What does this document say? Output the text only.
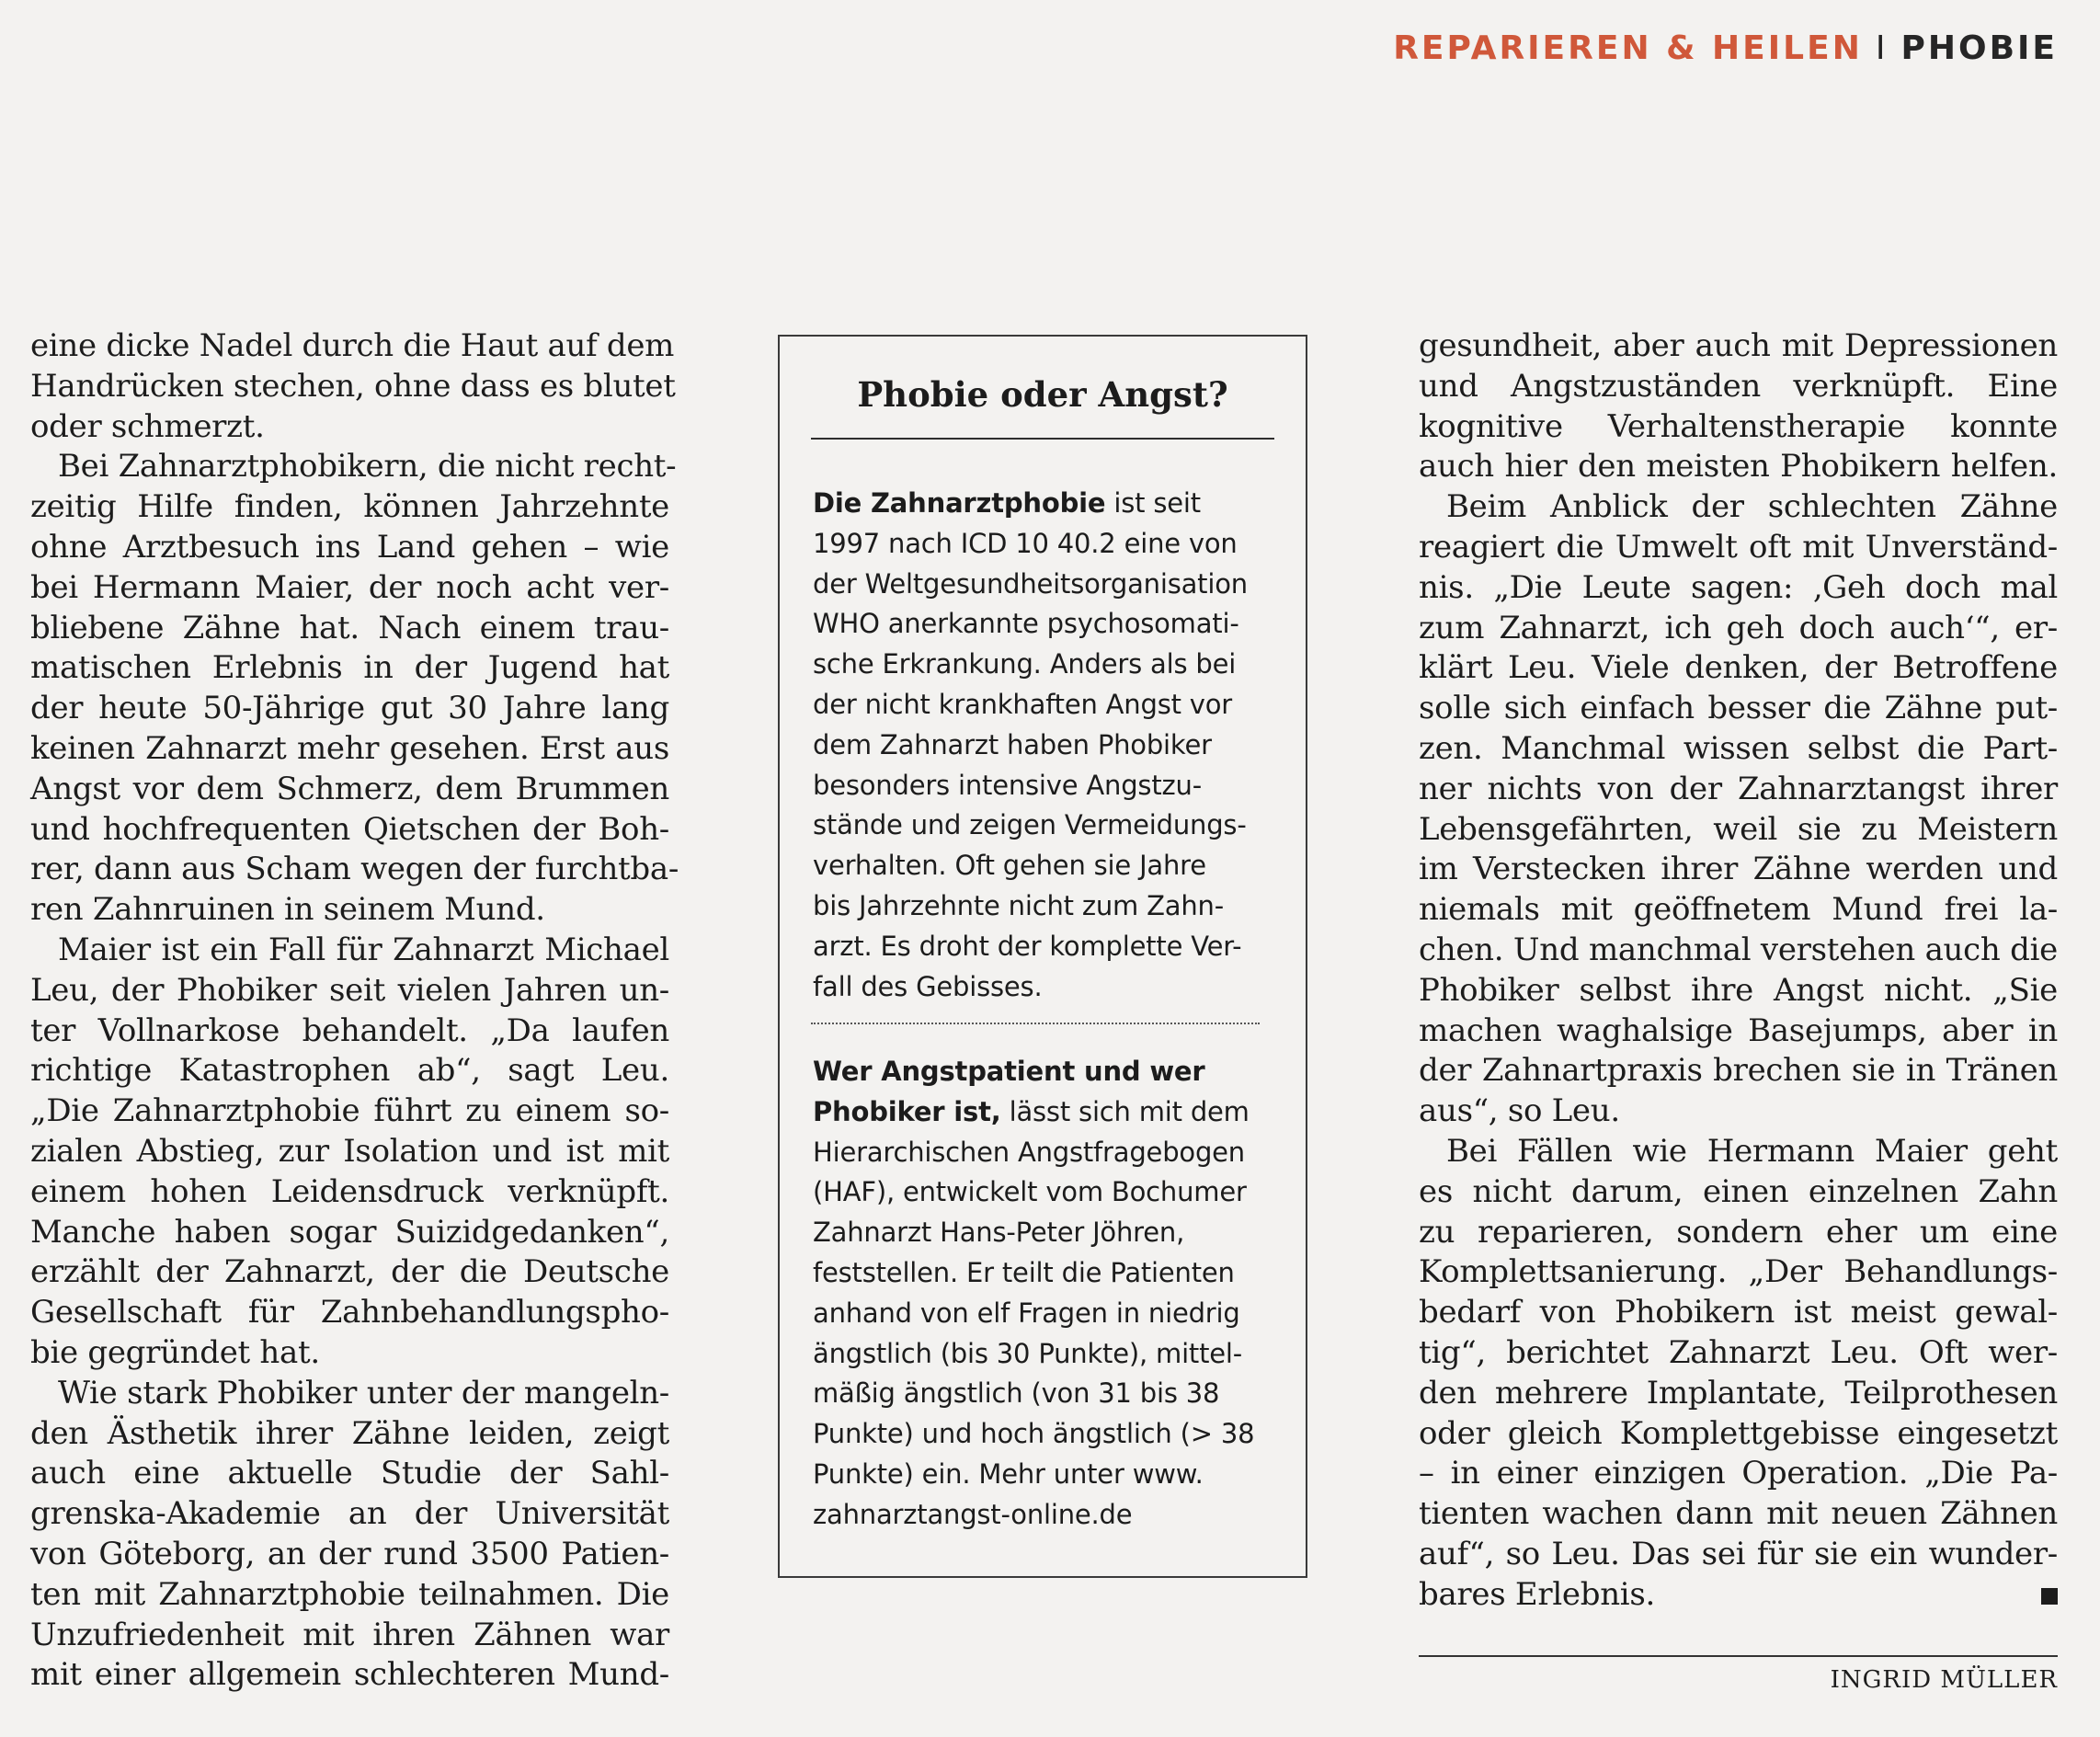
REPARIEREN & HEILEN I PHOBIE
eine dicke Nadel durch die Haut auf dem
Handrücken stechen, ohne dass es blutet
oder schmerzt.
Bei Zahnarztphobikern, die nicht recht-
zeitig Hilfe finden, können Jahrzehnte
ohne Arztbesuch ins Land gehen – wie
bei Hermann Maier, der noch acht ver-
bliebene Zähne hat. Nach einem trau-
matischen Erlebnis in der Jugend hat
der heute 50-Jährige gut 30 Jahre lang
keinen Zahnarzt mehr gesehen. Erst aus
Angst vor dem Schmerz, dem Brummen
und hochfrequenten Qietschen der Boh-
rer, dann aus Scham wegen der furchtba-
ren Zahnruinen in seinem Mund.
Maier ist ein Fall für Zahnarzt Michael
Leu, der Phobiker seit vielen Jahren un-
ter Vollnarkose behandelt. „Da laufen
richtige Katastrophen ab“, sagt Leu.
„Die Zahnarztphobie führt zu einem so-
zialen Abstieg, zur Isolation und ist mit
einem hohen Leidensdruck verknüpft.
Manche haben sogar Suizidgedanken“,
erzählt der Zahnarzt, der die Deutsche
Gesellschaft für Zahnbehandlungspho-
bie gegründet hat.
Wie stark Phobiker unter der mangeln-
den Ästhetik ihrer Zähne leiden, zeigt
auch eine aktuelle Studie der Sahl-
grenska-Akademie an der Universität
von Göteborg, an der rund 3500 Patien-
ten mit Zahnarztphobie teilnahmen. Die
Unzufriedenheit mit ihren Zähnen war
mit einer allgemein schlechteren Mund-
Phobie oder Angst?
Die Zahnarztphobie ist seit
1997 nach ICD 10 40.2 eine von
der Weltgesundheitsorganisation
WHO anerkannte psychosomati-
sche Erkrankung. Anders als bei
der nicht krankhaften Angst vor
dem Zahnarzt haben Phobiker
besonders intensive Angstzu-
stände und zeigen Vermeidungs-
verhalten. Oft gehen sie Jahre
bis Jahrzehnte nicht zum Zahn-
arzt. Es droht der komplette Ver-
fall des Gebisses.
Wer Angstpatient und wer
Phobiker ist, lässt sich mit dem
Hierarchischen Angstfragebogen
(HAF), entwickelt vom Bochumer
Zahnarzt Hans-Peter Jöhren,
feststellen. Er teilt die Patienten
anhand von elf Fragen in niedrig
ängstlich (bis 30 Punkte), mittel-
mäßig ängstlich (von 31 bis 38
Punkte) und hoch ängstlich (> 38
Punkte) ein. Mehr unter www.
zahnarztangst-online.de
gesundheit, aber auch mit Depressionen
und Angstzuständen verknüpft. Eine
kognitive Verhaltenstherapie konnte
auch hier den meisten Phobikern helfen.
Beim Anblick der schlechten Zähne
reagiert die Umwelt oft mit Unverständ-
nis. „Die Leute sagen: ‚Geh doch mal
zum Zahnarzt, ich geh doch auch‘“, er-
klärt Leu. Viele denken, der Betroffene
solle sich einfach besser die Zähne put-
zen. Manchmal wissen selbst die Part-
ner nichts von der Zahnarztangst ihrer
Lebensgefährten, weil sie zu Meistern
im Verstecken ihrer Zähne werden und
niemals mit geöffnetem Mund frei la-
chen. Und manchmal verstehen auch die
Phobiker selbst ihre Angst nicht. „Sie
machen waghalsige Basejumps, aber in
der Zahnartpraxis brechen sie in Tränen
aus“, so Leu.
Bei Fällen wie Hermann Maier geht
es nicht darum, einen einzelnen Zahn
zu reparieren, sondern eher um eine
Komplettsanierung. „Der Behandlungs-
bedarf von Phobikern ist meist gewal-
tig“, berichtet Zahnarzt Leu. Oft wer-
den mehrere Implantate, Teilprothesen
oder gleich Komplettgebisse eingesetzt
– in einer einzigen Operation. „Die Pa-
tienten wachen dann mit neuen Zähnen
auf“, so Leu. Das sei für sie ein wunder-
bares Erlebnis.
INGRID MÜLLER
